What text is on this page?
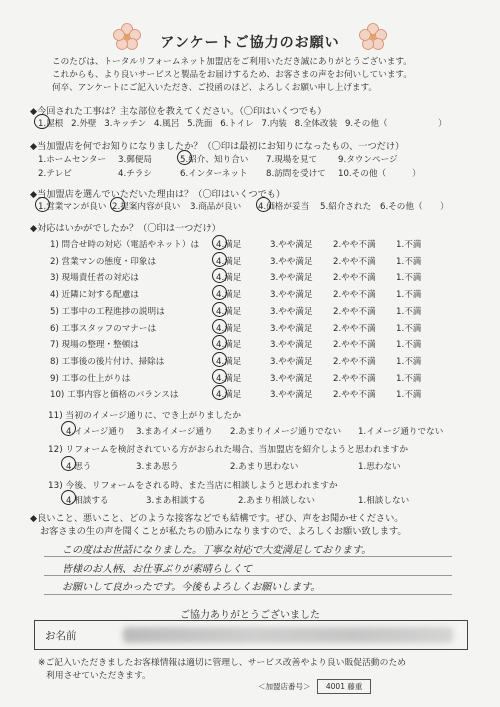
アンケートご協力のお願い
このたびは、トータルリフォームネット加盟店をご利用いただき誠にありがとうございます。
これからも、より良いサービスと製品をお届けするため、お客さまの声をお伺いしています。
何卒、アンケートにご記入いただき、ご投函のほど、よろしくお願い申し上げます。
◆今回された工事は？主な部位を教えてください。（〇印はいくつでも）
1.屋根 2.外壁 3.キッチン 4.風呂 5.洗面 6.トイレ 7.内装 8.全体改装 9.その他（	）
◆当加盟店を何でお知りになりましたか？（〇印は最初にお知りになったもの、一つだけ）
1.ホームセンター 3.郵便局	5.紹介、知り合い 7.現場を見て 9.タウンページ
2.テレビ	4.チラシ	6.インターネット 8.訪問を受けて 10.その他（	）
◆当加盟店を選んでいただいた理由は？（〇印はいくつでも）
1.営業マンが良い 2.提案内容が良い 3.商品が良い 4.価格が妥当 5.紹介された 6.その他（ ）
◆対応はいかがでしたか？（〇印は一つだけ）
1) 問合せ時の対応（電話やネット）は 4.満足	3.やや満足 2.やや不満 1.不満
2) 営業マンの態度・印象は	4.満足	3.やや満足 2.やや不満 1.不満
3) 現場責任者の対応は	4.満足	3.やや満足 2.やや不満 1.不満
4) 近隣に対する配慮は	4.満足	3.やや満足 2.やや不満 1.不満
5) 工事中の工程進捗の説明は	4.満足	3.やや満足 2.やや不満 1.不満
6) 工事スタッフのマナーは	4.満足	3.やや満足 2.やや不満 1.不満
7) 現場の整理・整頓は	4.満足	3.やや満足 2.やや不満 1.不満
8) 工事後の後片付け、掃除は	4.満足	3.やや満足 2.やや不満 1.不満
9) 工事の仕上がりは	4.満足	3.やや満足 2.やや不満 1.不満
10) 工事内容と価格のバランスは	4.満足	3.やや満足 2.やや不満 1.不満
11) 当初のイメージ通りに、でき上がりましたか
4.イメージ通り 3.まあイメージ通り 2.あまりイメージ通りでない 1.イメージ通りでない
12) リフォームを検討されている方がおられた場合、当加盟店を紹介しようと思われますか
4.思う	3.まあ思う	2.あまり思わない	1.思わない
13) 今後、リフォームをされる時、また当店に相談しようと思われますか
4.相談する	3.まあ相談する	2.あまり相談しない	1.相談しない
◆良いこと、悪いこと、どのような接客などでも結構です。ぜひ、声をお聞かせください。
お客さまの生の声を聞くことが私たちの励みになりますので、よろしくお願い致します。
この度はお世話になりました。丁寧な対応で大変満足しております。
皆様のお人柄、お仕事ぶりが素晴らしくて
お願いして良かったです。今後もよろしくお願いします。
ご協力ありがとうございました
お名前
※ご記入いただきましたお客様情報は適切に管理し、サービス改善やより良い販促活動のため
利用させていただきます。
＜加盟店番号＞ 4001 藤重
